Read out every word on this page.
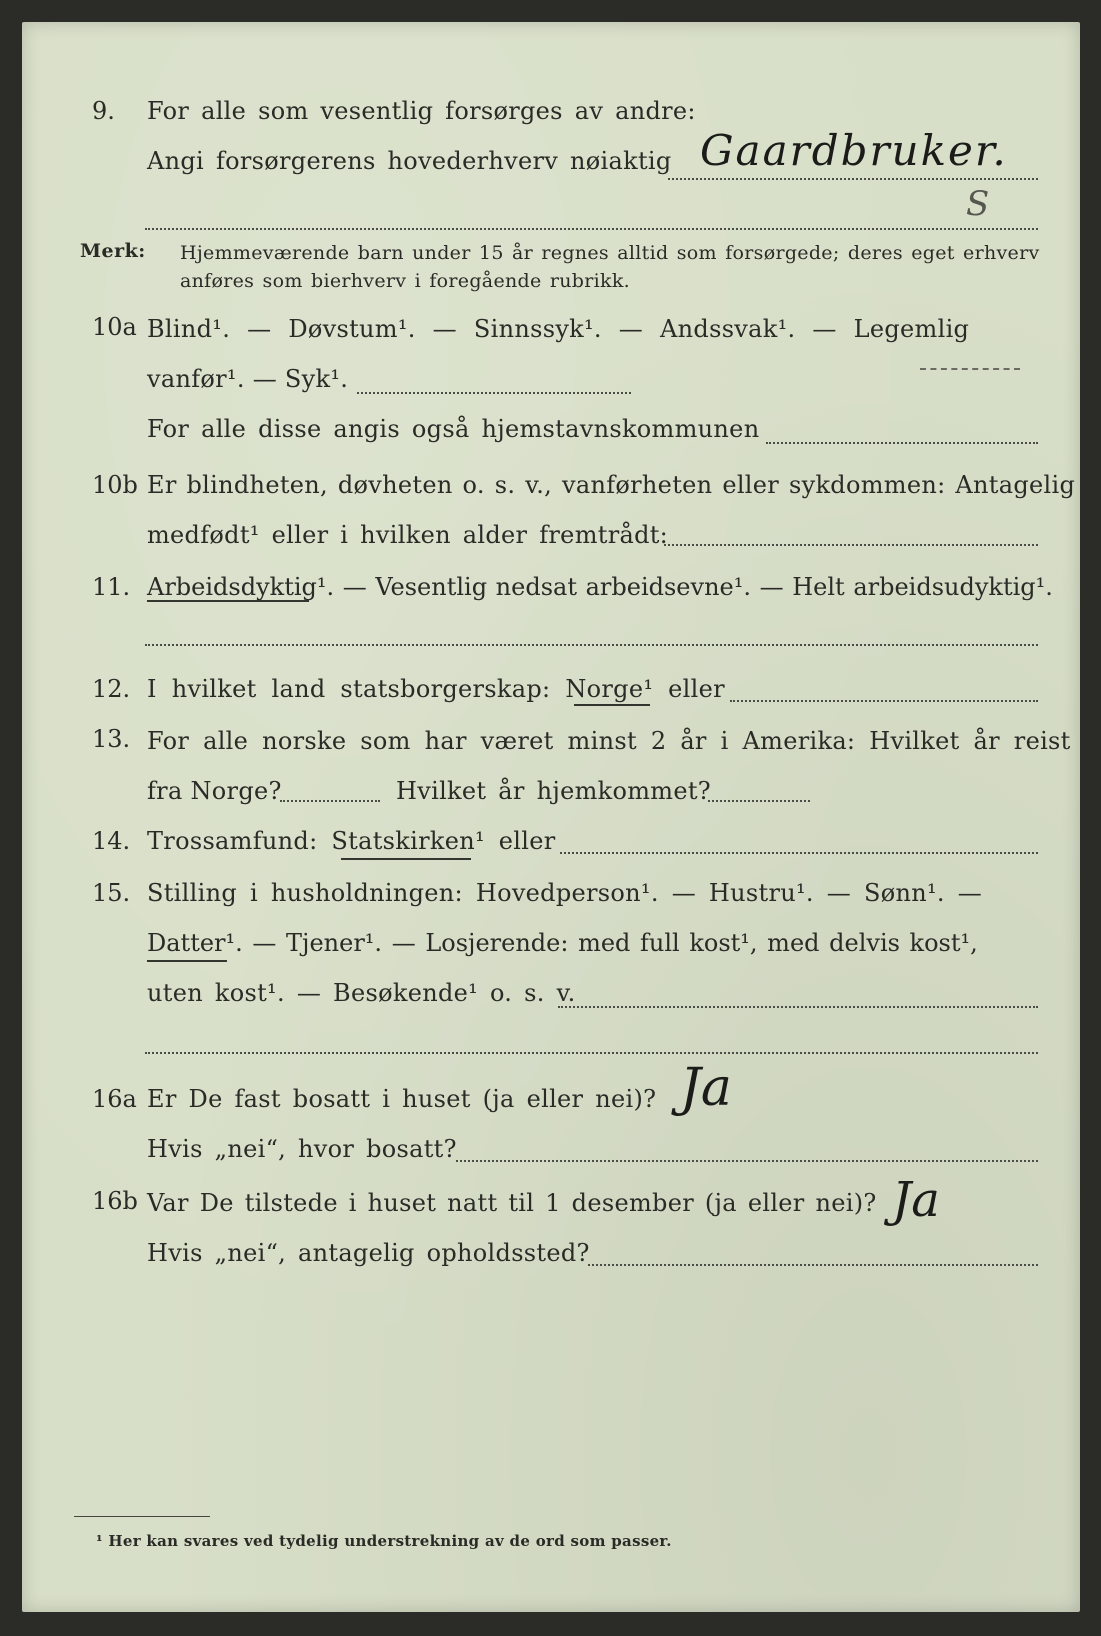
9. For alle som vesentlig forsørges av andre:
Angi forsørgerens hovederhverv nøiaktig Gaardbruker.
S
Merk: Hjemmeværende barn under 15 år regnes alltid som forsørgede; deres eget erhverv
anføres som bierhverv i foregående rubrikk.
10a Blind¹. — Døvstum¹. — Sinnssyk¹. — Andssvak¹. — Legemlig
vanfør¹. — Syk¹.
For alle disse angis også hjemstavnskommunen
10b Er blindheten, døvheten o. s. v., vanførheten eller sykdommen: Antagelig
medfødt¹ eller i hvilken alder fremtrådt:
11. Arbeidsdyktig¹. — Vesentlig nedsat arbeidsevne¹. — Helt arbeidsudyktig¹.
12. I hvilket land statsborgerskap: Norge¹ eller
13. For alle norske som har været minst 2 år i Amerika: Hvilket år reist
fra Norge?	Hvilket år hjemkommet?
14. Trossamfund: Statskirken¹ eller
15. Stilling i husholdningen: Hovedperson¹. — Hustru¹. — Sønn¹. —
Datter¹. — Tjener¹. — Losjerende: med full kost¹, med delvis kost¹,
uten kost¹. — Besøkende¹ o. s. v.
16a Er De fast bosatt i huset (ja eller nei)? Ja
Hvis „nei“, hvor bosatt?
16b Var De tilstede i huset natt til 1 desember (ja eller nei)? Ja
Hvis „nei“, antagelig opholdssted?
¹ Her kan svares ved tydelig understrekning av de ord som passer.
